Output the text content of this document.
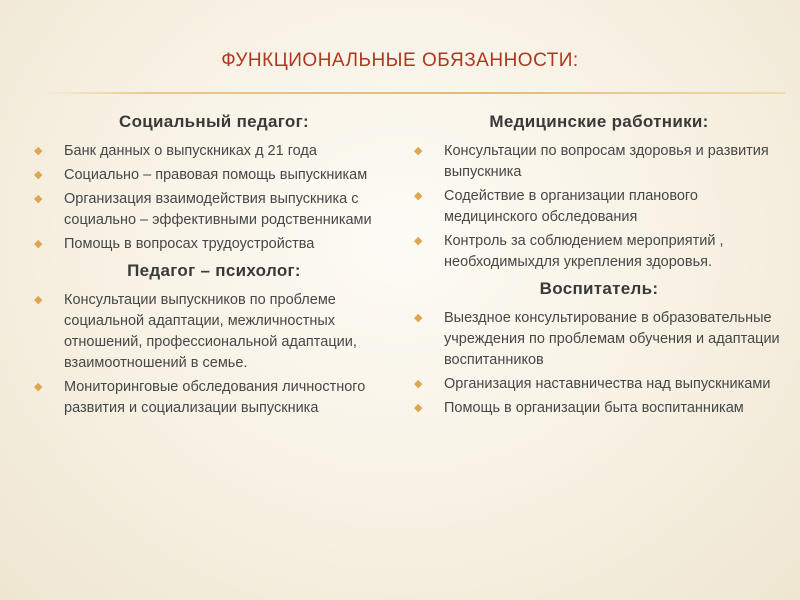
ФУНКЦИОНАЛЬНЫЕ ОБЯЗАННОСТИ:
Социальный педагог:
◆ Банк данных о выпускниках д 21 года
◆ Социально – правовая помощь выпускникам
◆ Организация взаимодействия выпускника с социально – эффективными родственниками
◆ Помощь в вопросах трудоустройства
Педагог – психолог:
◆ Консультации выпускников по проблеме социальной адаптации, межличностных отношений, профессиональной адаптации, взаимоотношений в семье.
◆ Мониторинговые обследования личностного развития и социализации выпускника
Медицинские работники:
◆ Консультации по вопросам здоровья и развития выпускника
◆ Содействие в организации планового медицинского обследования
◆ Контроль за соблюдением мероприятий , необходимыхдля укрепления здоровья.
Воспитатель:
◆ Выездное консультирование в образовательные учреждения по проблемам обучения и адаптации воспитанников
◆ Организация наставничества над выпускниками
◆ Помощь в организации быта воспитанникам
